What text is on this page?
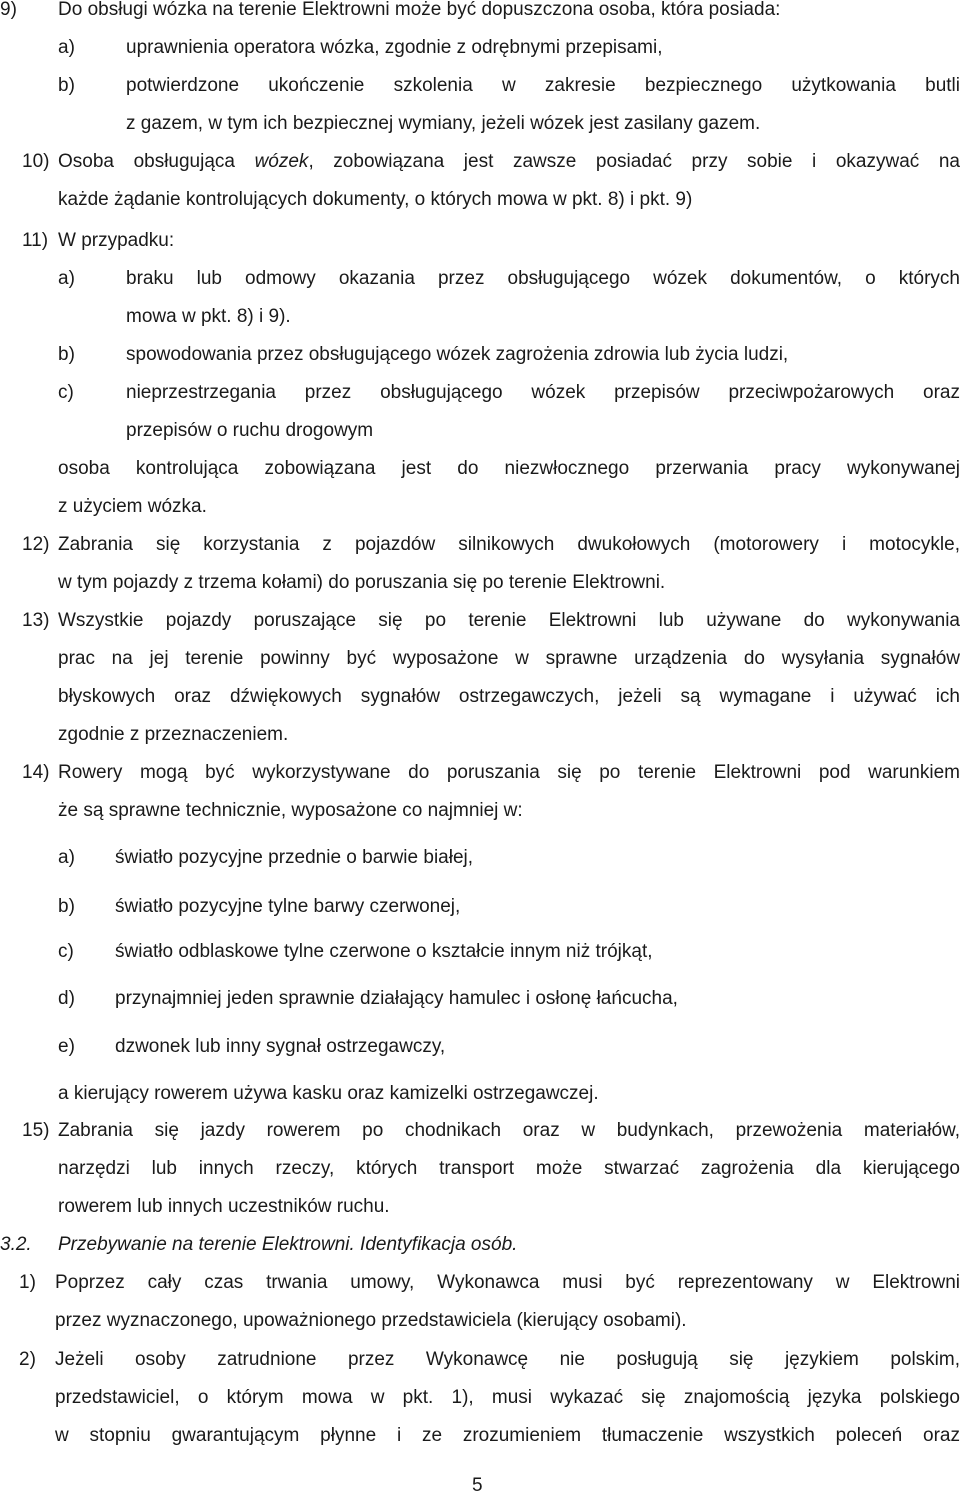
9) Do obsługi wózka na terenie Elektrowni może być dopuszczona osoba, która posiada:
a)	uprawnienia operatora wózka, zgodnie z odrębnymi przepisami,
b)	potwierdzone ukończenie szkolenia w zakresie bezpiecznego użytkowania butli
z gazem, w tym ich bezpiecznej wymiany, jeżeli wózek jest zasilany gazem.
10) Osoba obsługująca wózek, zobowiązana jest zawsze posiadać przy sobie i okazywać na
każde żądanie kontrolujących dokumenty, o których mowa w pkt. 8) i pkt. 9)
11) W przypadku:
a)	braku lub odmowy okazania przez obsługującego wózek dokumentów, o których
mowa w pkt. 8) i 9).
b)	spowodowania przez obsługującego wózek zagrożenia zdrowia lub życia ludzi,
c)	nieprzestrzegania przez obsługującego wózek przepisów przeciwpożarowych oraz
przepisów o ruchu drogowym
osoba kontrolująca zobowiązana jest do niezwłocznego przerwania pracy wykonywanej
z użyciem wózka.
12) Zabrania się korzystania z pojazdów silnikowych dwukołowych (motorowery i motocykle,
w tym pojazdy z trzema kołami) do poruszania się po terenie Elektrowni.
13) Wszystkie pojazdy poruszające się po terenie Elektrowni lub używane do wykonywania
prac na jej terenie powinny być wyposażone w sprawne urządzenia do wysyłania sygnałów
błyskowych oraz dźwiękowych sygnałów ostrzegawczych, jeżeli są wymagane i używać ich
zgodnie z przeznaczeniem.
14) Rowery mogą być wykorzystywane do poruszania się po terenie Elektrowni pod warunkiem
że są sprawne technicznie, wyposażone co najmniej w:
a) światło pozycyjne przednie o barwie białej,
b) światło pozycyjne tylne barwy czerwonej,
c) światło odblaskowe tylne czerwone o kształcie innym niż trójkąt,
d) przynajmniej jeden sprawnie działający hamulec i osłonę łańcucha,
e) dzwonek lub inny sygnał ostrzegawczy,
a kierujący rowerem używa kasku oraz kamizelki ostrzegawczej.
15) Zabrania się jazdy rowerem po chodnikach oraz w budynkach, przewożenia materiałów,
narzędzi lub innych rzeczy, których transport może stwarzać zagrożenia dla kierującego
rowerem lub innych uczestników ruchu.
3.2. Przebywanie na terenie Elektrowni. Identyfikacja osób.
1) Poprzez cały czas trwania umowy, Wykonawca musi być reprezentowany w Elektrowni
przez wyznaczonego, upoważnionego przedstawiciela (kierujący osobami).
2) Jeżeli osoby zatrudnione przez Wykonawcę nie posługują się językiem polskim,
przedstawiciel, o którym mowa w pkt. 1), musi wykazać się znajomością języka polskiego
w stopniu gwarantującym płynne i ze zrozumieniem tłumaczenie wszystkich poleceń oraz
5
